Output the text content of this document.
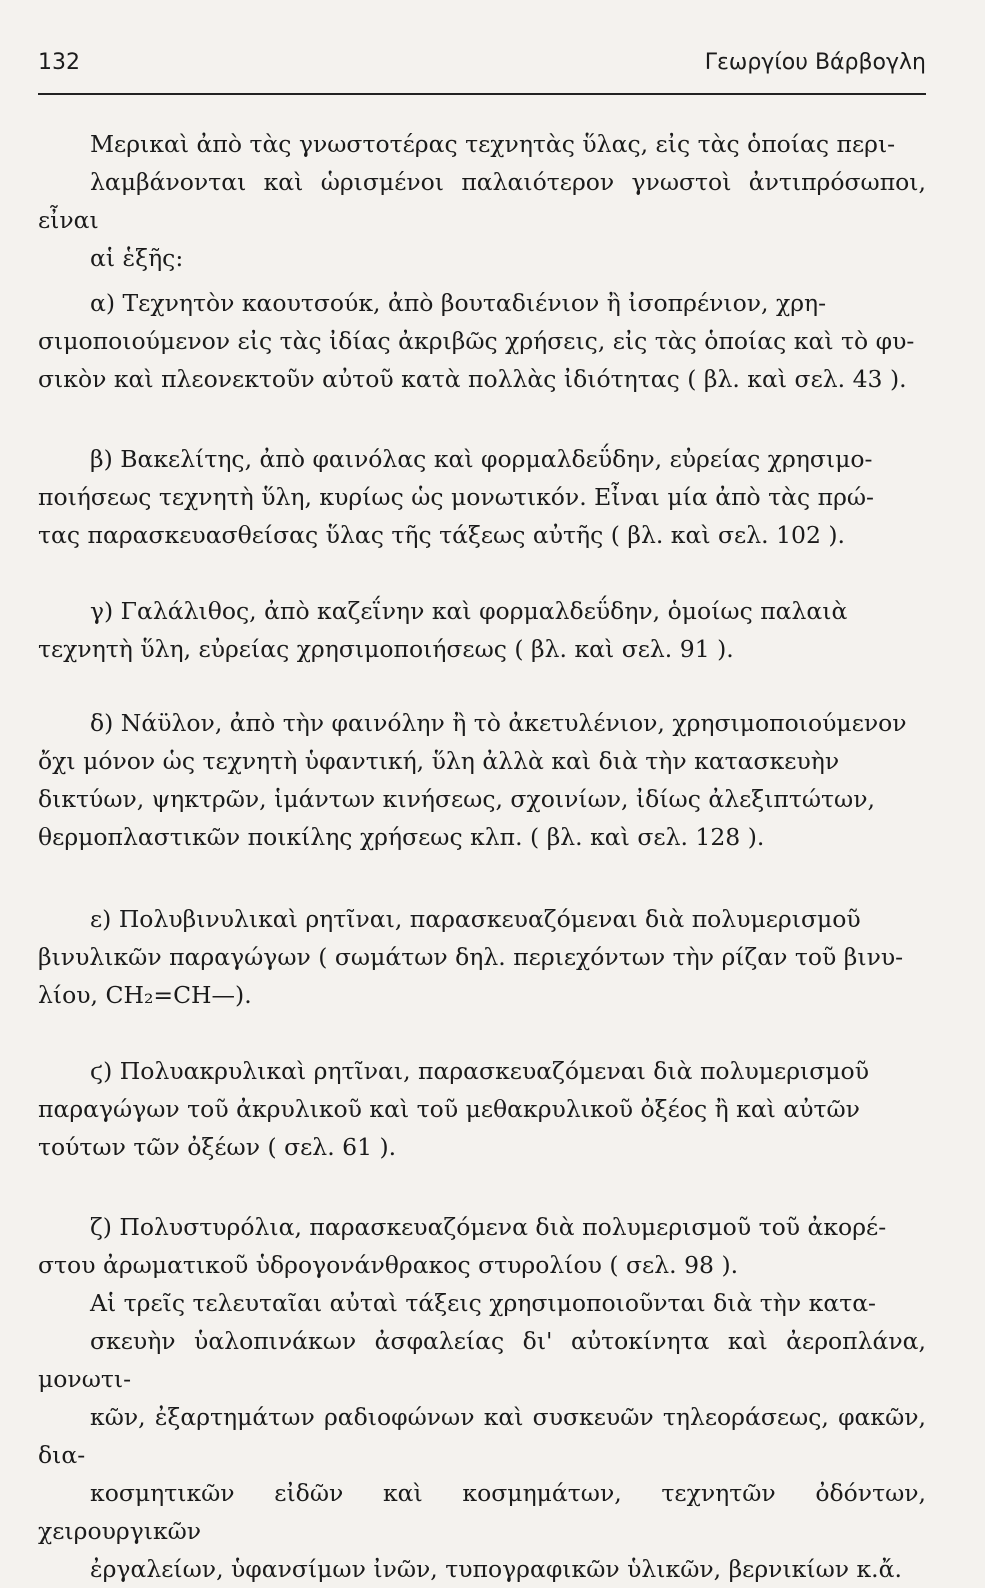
132	Γεωργίου Βάρβογλη

Μερικαὶ ἀπὸ τὰς γνωστοτέρας τεχνητὰς ὕλας, εἰς τὰς ὁποίας περι-
λαμβάνονται καὶ ὡρισμένοι παλαιότερον γνωστοὶ ἀντιπρόσωποι, εἶναι
αἱ ἑξῆς:

α) Τεχνητὸν καουτσούκ, ἀπὸ βουταδιένιον ἢ ἰσοπρένιον, χρη-
σιμοποιούμενον εἰς τὰς ἰδίας ἀκριβῶς χρήσεις, εἰς τὰς ὁποίας καὶ τὸ φυ-
σικὸν καὶ πλεονεκτοῦν αὐτοῦ κατὰ πολλὰς ἰδιότητας ( βλ. καὶ σελ. 43 ).

β) Βακελίτης, ἀπὸ φαινόλας καὶ φορμαλδεΰδην, εὐρείας χρησιμο-
ποιήσεως τεχνητὴ ὕλη, κυρίως ὡς μονωτικόν. Εἶναι μία ἀπὸ τὰς πρώ-
τας παρασκευασθείσας ὕλας τῆς τάξεως αὐτῆς ( βλ. καὶ σελ. 102 ).

γ) Γαλάλιθος, ἀπὸ καζεΐνην καὶ φορμαλδεΰδην, ὁμοίως παλαιὰ
τεχνητὴ ὕλη, εὐρείας χρησιμοποιήσεως ( βλ. καὶ σελ. 91 ).

δ) Νάϋλον, ἀπὸ τὴν φαινόλην ἢ τὸ ἀκετυλένιον, χρησιμοποιούμενον
ὄχι μόνον ὡς τεχνητὴ ὑφαντική, ὕλη ἀλλὰ καὶ διὰ τὴν κατασκευὴν
δικτύων, ψηκτρῶν, ἱμάντων κινήσεως, σχοινίων, ἰδίως ἀλεξιπτώτων,
θερμοπλαστικῶν ποικίλης χρήσεως κλπ. ( βλ. καὶ σελ. 128 ).

ε) Πολυβινυλικαὶ ρητῖναι, παρασκευαζόμεναι διὰ πολυμερισμοῦ
βινυλικῶν παραγώγων ( σωμάτων δηλ. περιεχόντων τὴν ρίζαν τοῦ βινυ-
λίου, CH₂=CH—).

ϛ) Πολυακρυλικαὶ ρητῖναι, παρασκευαζόμεναι διὰ πολυμερισμοῦ
παραγώγων τοῦ ἀκρυλικοῦ καὶ τοῦ μεθακρυλικοῦ ὀξέος ἢ καὶ αὐτῶν
τούτων τῶν ὀξέων ( σελ. 61 ).

ζ) Πολυστυρόλια, παρασκευαζόμενα διὰ πολυμερισμοῦ τοῦ ἀκορέ-
στου ἀρωματικοῦ ὑδρογονάνθρακος στυρολίου ( σελ. 98 ).

Αἱ τρεῖς τελευταῖαι αὐταὶ τάξεις χρησιμοποιοῦνται διὰ τὴν κατα-
σκευὴν ὑαλοπινάκων ἀσφαλείας δι' αὐτοκίνητα καὶ ἀεροπλάνα, μονωτι-
κῶν, ἐξαρτημάτων ραδιοφώνων καὶ συσκευῶν τηλεοράσεως, φακῶν, δια-
κοσμητικῶν εἰδῶν καὶ κοσμημάτων, τεχνητῶν ὀδόντων, χειρουργικῶν
ἐργαλείων, ὑφανσίμων ἰνῶν, τυπογραφικῶν ὑλικῶν, βερνικίων κ.ἄ.
